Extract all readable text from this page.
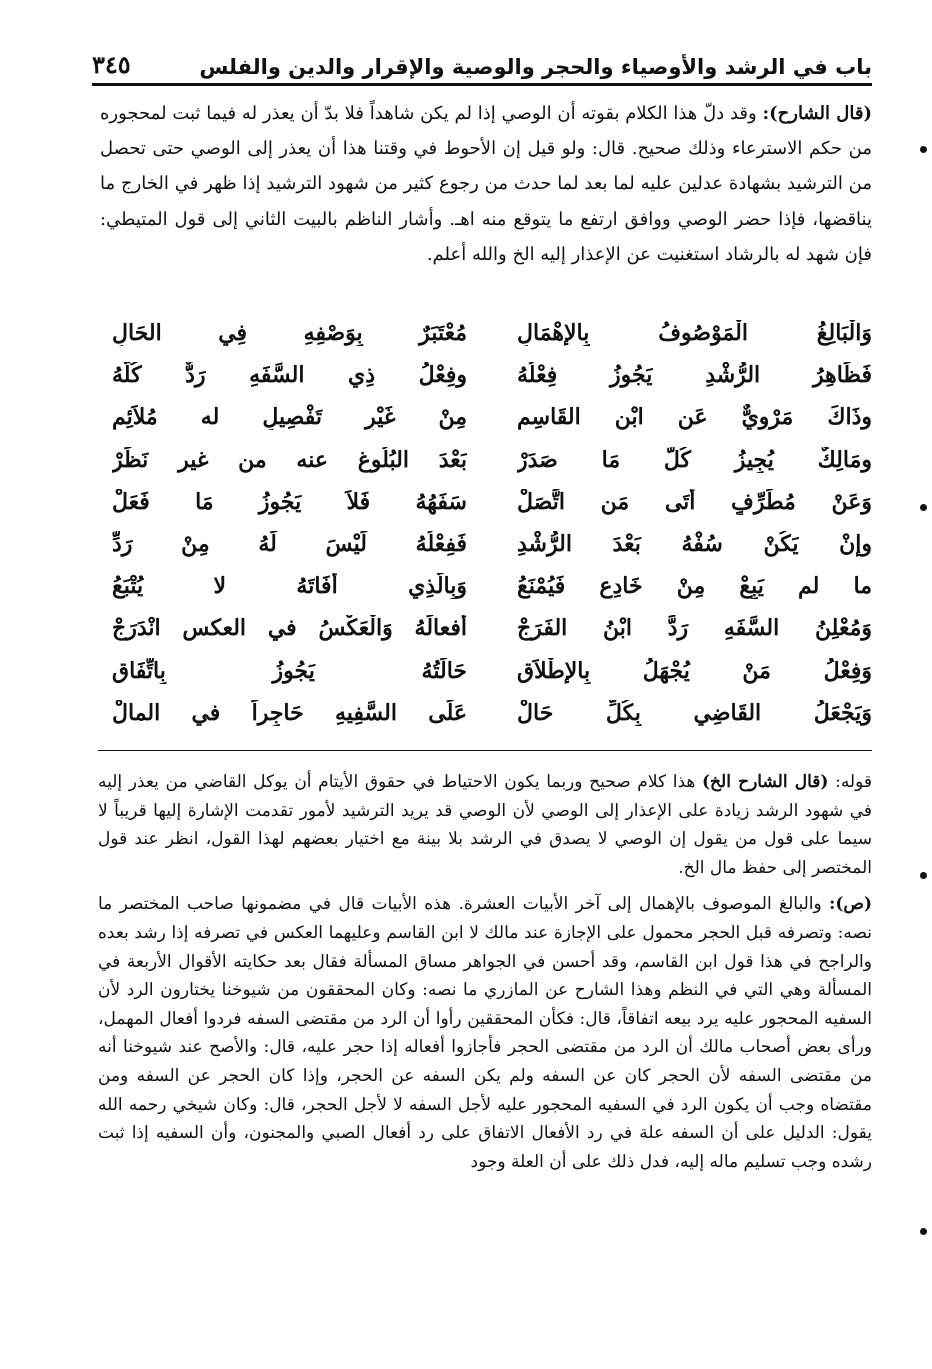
٣٤٥	باب في الرشد والأوصياء والحجر والوصية والإقرار والدين والفلس

(قال الشارح): وقد دلّ هذا الكلام بقوته أن الوصي إذا لم يكن شاهداً فلا بدّ أن يعذر له فيما ثبت لمحجوره من حكم الاسترعاء وذلك صحيح. قال: ولو قيل إن الأحوط في وقتنا هذا أن يعذر إلى الوصي حتى تحصل من الترشيد بشهادة عدلين عليه لما بعد لما حدث من رجوع كثير من شهود الترشيد إذا ظهر في الخارج ما يناقضها، فإذا حضر الوصي ووافق ارتفع ما يتوقع منه اهـ. وأشار الناظم بالبيت الثاني إلى قول المتيطي: فإن شهد له بالرشاد استغنيت عن الإعذار إليه الخ والله أعلم.

وَالْبَالِغُ الْمَوْصُوفُ بِالإِهْمَالِ
مُعْتَبَرٌ بِوَصْفِهِ فِي الحَالِ
فَظَاهِرُ الرُّشْدِ يَجُوزُ فِعْلُهُ
وفِعْلُ ذِي السَّفَهِ رَدٌّ كُلُّهُ
وذَاكَ مَرْوِيٌّ عَنِ ابْنِ القَاسِمِ
مِنْ غَيْرِ تَفْصِيلٍ له مُلاَئِمِ
ومَالِكٌ يُجِيزُ كُلَّ مَا صَدَرْ
بَعْدَ البُلُوغ عنه من غير نَظَرْ
وَعَنْ مُطَرِّفٍ أتَى مَنِ اتَّصَلْ
سَفَهُهُ فَلاَ يَجُوزُ مَا فَعَلْ
وإنْ يَكُنْ سُفْهُ بَعْدَ الرُّشْدِ
فَفِعْلُهُ لَيْسَ لَهُ مِنْ رَدِّ
ما لم يَبِعْ مِنْ خَادِعٍ فَيُمْنَعُ
وَبِالَّذِي أَفَاتَهُ لا يُتْبَعُ
وَمُعْلِنُ السَّفَهِ رَدَّ ابْنُ الفَرَجْ
أفعالَهُ وَالْعَكْسُ في العكس انْدَرَجْ
وَفِعْلُ مَنْ يُجْهَلُ بِالإطْلاَقِ
حَالَتُهُ يَجُوزُ بِاتِّفَاقِ
وَيَجْعَلُ القَاضِي بِكُلِّ حَالْ
عَلَى السَّفِيهِ حَاجِراً في المالْ

قوله: (قال الشارح الخ) هذا كلام صحيح وربما يكون الاحتياط في حقوق الأيتام أن يوكل القاضي من يعذر إليه في شهود الرشد زيادة على الإعذار إلى الوصي لأن الوصي قد يريد الترشيد لأمور تقدمت الإشارة إليها قريباً لا سيما على قول من يقول إن الوصي لا يصدق في الرشد بلا بينة مع اختيار بعضهم لهذا القول، انظر عند قول المختصر إلى حفظ مال الخ.

(ص): والبالغ الموصوف بالإهمال إلى آخر الأبيات العشرة. هذه الأبيات قال في مضمونها صاحب المختصر ما نصه: وتصرفه قبل الحجر محمول على الإجازة عند مالك لا ابن القاسم وعليهما العكس في تصرفه إذا رشد بعده والراجح في هذا قول ابن القاسم، وقد أحسن في الجواهر مساق المسألة فقال بعد حكايته الأقوال الأربعة في المسألة وهي التي في النظم وهذا الشارح عن المازري ما نصه: وكان المحققون من شيوخنا يختارون الرد لأن السفيه المحجور عليه يرد بيعه اتفاقاً، قال: فكأن المحققين رأوا أن الرد من مقتضى السفه فردوا أفعال المهمل، ورأى بعض أصحاب مالك أن الرد من مقتضى الحجر فأجازوا أفعاله إذا حجر عليه، قال: والأصح عند شيوخنا أنه من مقتضى السفه لأن الحجر كان عن السفه ولم يكن السفه عن الحجر، وإذا كان الحجر عن السفه ومن مقتضاه وجب أن يكون الرد في السفيه المحجور عليه لأجل السفه لا لأجل الحجر، قال: وكان شيخي رحمه الله يقول: الدليل على أن السفه علة في رد الأفعال الاتفاق على رد أفعال الصبي والمجنون، وأن السفيه إذا ثبت رشده وجب تسليم ماله إليه، فدل ذلك على أن العلة وجود
